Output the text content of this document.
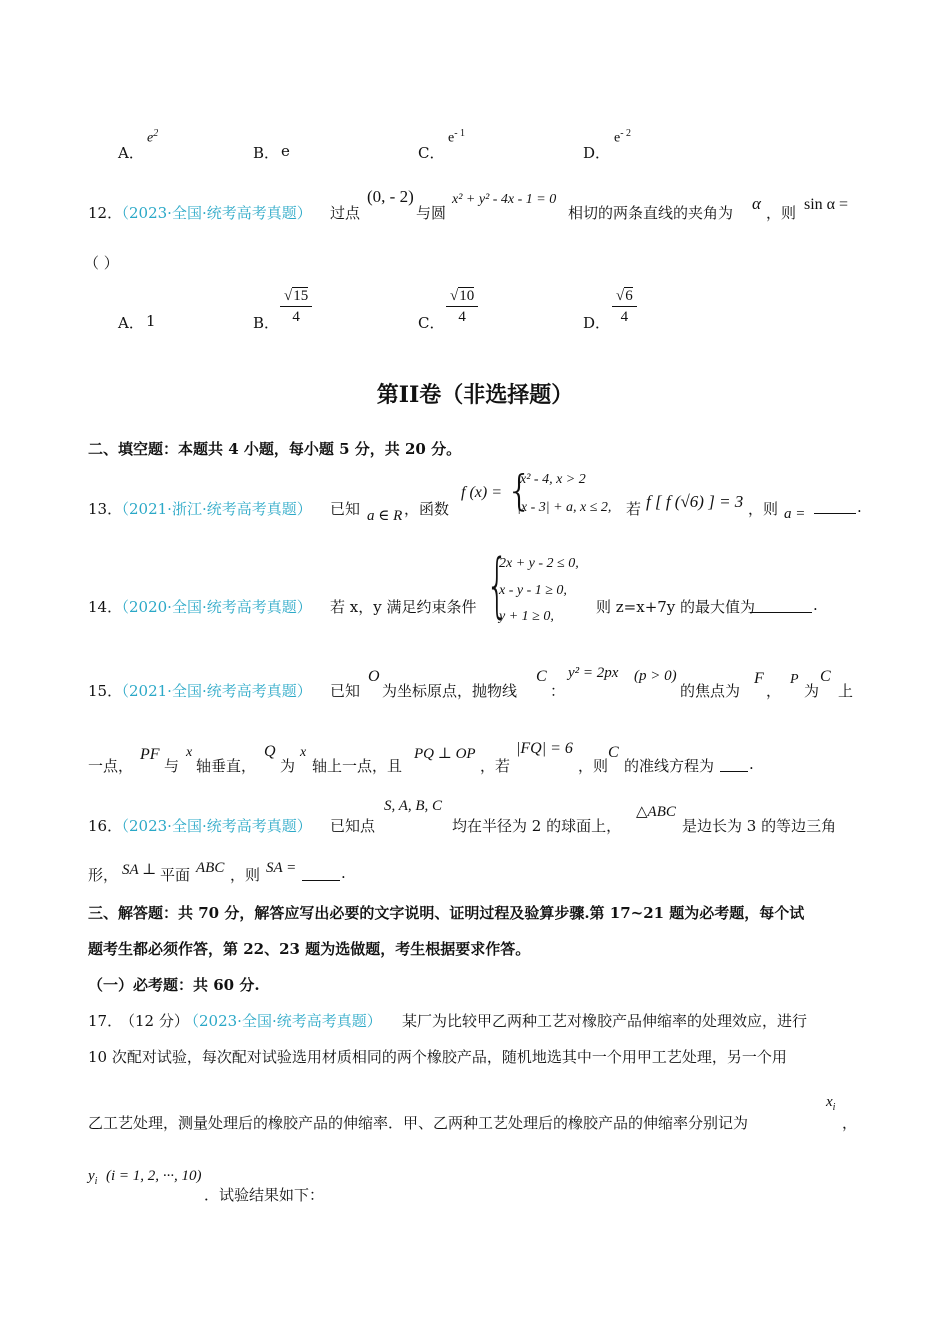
A．
$e^2$
B． e	C．
$e^{- 1}$
D．
$e^{- 2}$
12．
（2023·全国·统考高考真题） 过点
(0, - 2)
与圆
x² + y² - 4x - 1 = 0
相切的两条直线的夹角为 α ，则 sin α =
（ ）
A． 1	B． $\frac{√15}{4}$	C． $\frac{√10}{4}$	D． $\frac{√6}{4}$
第II卷（非选择题）
二、填空题：本题共 4 小题，每小题 5 分，共 20 分。
13．
（2021·浙江·统考高考真题） 已知 a ∈ R ，函数
f (x) = {
x² - 4, x > 2
|x - 3| + a, x ≤ 2, 若 f [ f (√6) ] = 3 ，则 a =	.
14．
（2020·全国·统考高考真题） 若 x，y 满足约束条件 {
2x + y - 2 ≤ 0,
x - y - 1 ≥ 0,
y + 1 ≥ 0,
则 z=x+7y 的最大值为	.
15．
（2021·全国·统考高考真题） 已知
O
为坐标原点，抛物线
C
：
y² = 2px (p > 0)
的焦点为
F
，
P
为
C
上
一点，
PF
与
x
轴垂直，
Q
为
x
轴上一点，且
PQ ⊥ OP
，若
|FQ| = 6
，则
C
的准线方程为 .
16．
（2023·全国·统考高考真题） 已知点
S, A, B, C
均在半径为 2 的球面上，
△ABC
是边长为 3 的等边三角
形， SA ⊥ 平面 ABC ，则 SA =	.
三、解答题：共 70 分，解答应写出必要的文字说明、证明过程及验算步骤.第 17~21 题为必考题，每个试
题考生都必须作答，第 22、23 题为选做题，考生根据要求作答。
（一）必考题：共 60 分.
17．
（12 分）
（2023·全国·统考高考真题） 某厂为比较甲乙两种工艺对橡胶产品伸缩率的处理效应，进行
10 次配对试验，每次配对试验选用材质相同的两个橡胶产品，随机地选其中一个用甲工艺处理，另一个用
乙工艺处理，测量处理后的橡胶产品的伸缩率．甲、乙两种工艺处理后的橡胶产品的伸缩率分别记为
$x_i$
，
$y_i$ (i = 1, 2, ···, 10)
．试验结果如下：
